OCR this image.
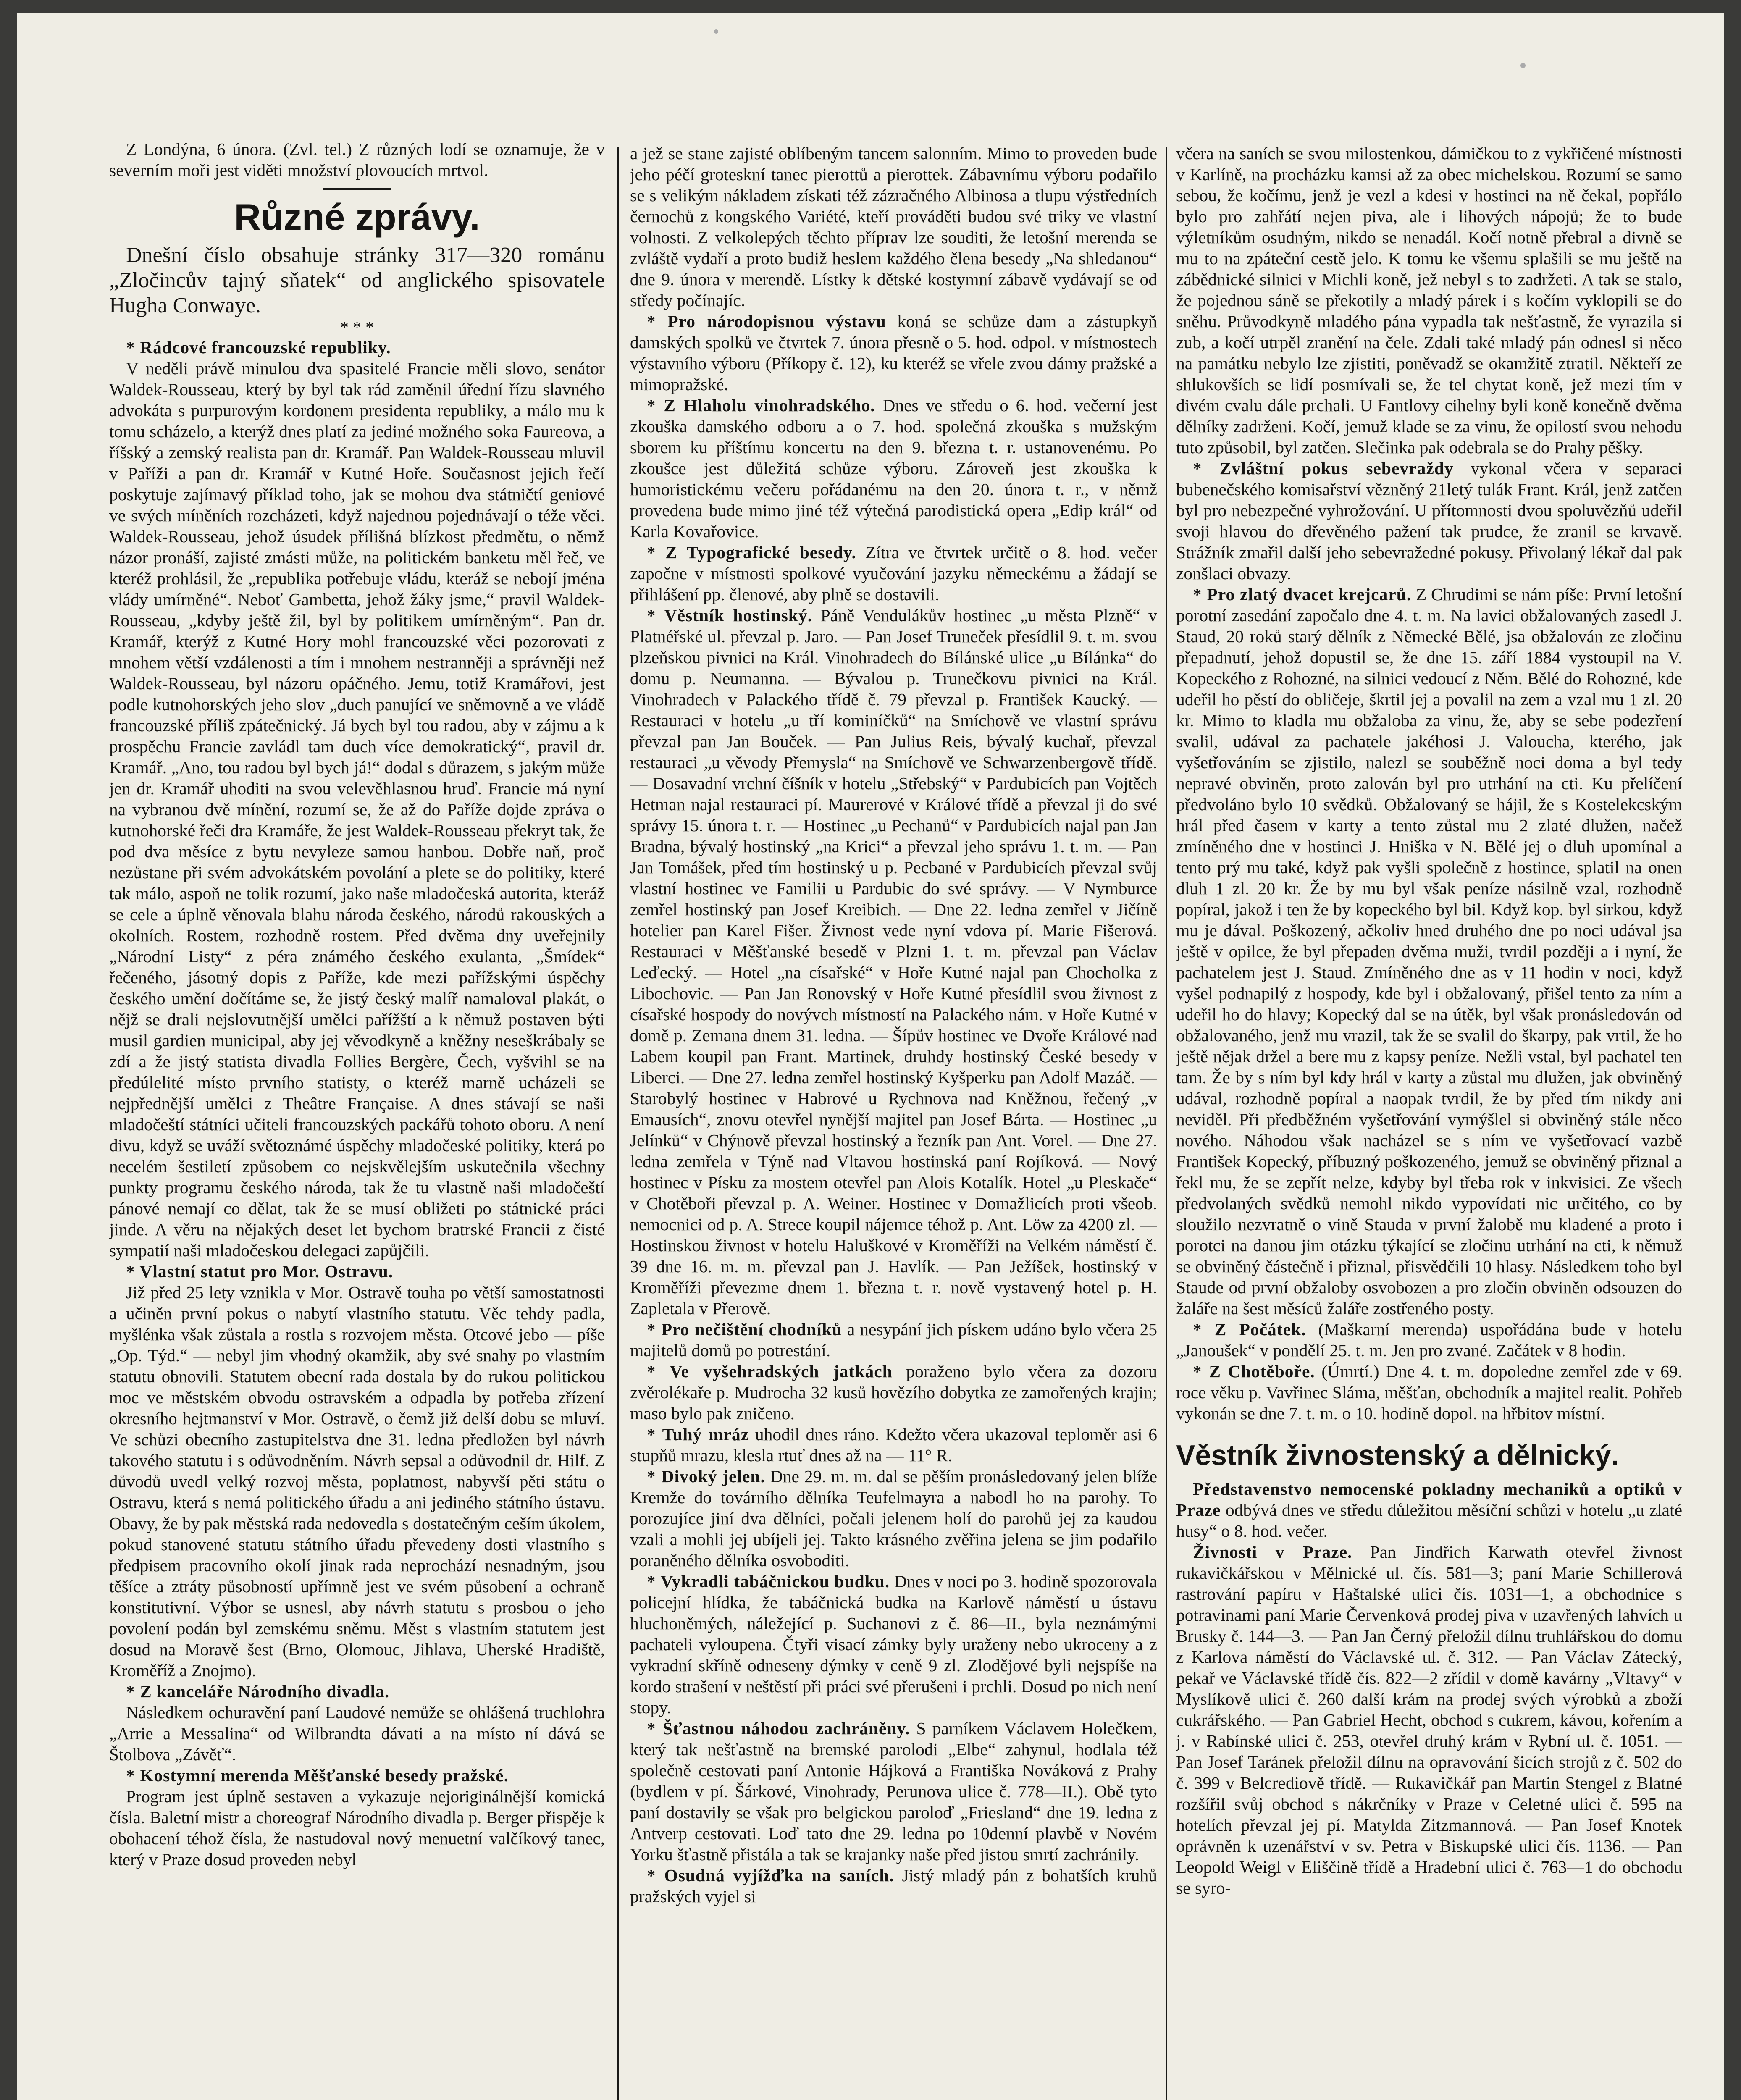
Z Londýna, 6 února. (Zvl. tel.) Z různých lodí se oznamuje, že v severním moři jest viděti množství plovoucích mrtvol.

Různé zprávy.

Dnešní číslo obsahuje stránky 317—320 románu „Zločincův tajný sňatek“ od anglického spisovatele Hugha Conwaye.

* * *

* Rádcové francouzské republiky.

V neděli právě minulou dva spasitelé Francie měli slovo, senátor Waldek-Rousseau, který by byl tak rád zaměnil úřední řízu slavného advokáta s purpurovým kordonem presidenta republiky, a málo mu k tomu scházelo, a kterýž dnes platí za jediné možného soka Faureova, a říšský a zemský realista pan dr. Kramář. Pan Waldek-Rousseau mluvil v Paříži a pan dr. Kramář v Kutné Hoře. Současnost jejich řečí poskytuje zajímavý příklad toho, jak se mohou dva státničtí geniové ve svých míněních rozcházeti, když najednou pojednávají o téže věci. Waldek-Rousseau, jehož úsudek přílišná blízkost předmětu, o němž názor pronáší, zajisté zmásti může, na politickém banketu měl řeč, ve kteréž prohlásil, že „republika potřebuje vládu, kteráž se nebojí jména vlády umírněné“. Neboť Gambetta, jehož žáky jsme,“ pravil Waldek-Rousseau, „kdyby ještě žil, byl by politikem umírněným“. Pan dr. Kramář, kterýž z Kutné Hory mohl francouzské věci pozorovati z mnohem větší vzdálenosti a tím i mnohem nestranněji a správněji než Waldek-Rousseau, byl názoru opáčného. Jemu, totiž Kramářovi, jest podle kutnohorských jeho slov „duch panující ve sněmovně a ve vládě francouzské příliš zpátečnický. Já bych byl tou radou, aby v zájmu a k prospěchu Francie zavládl tam duch více demokratický“, pravil dr. Kramář. „Ano, tou radou byl bych já!“ dodal s důrazem, s jakým může jen dr. Kramář uhoditi na svou velevěhlasnou hruď. Francie má nyní na vybranou dvě mínění, rozumí se, že až do Paříže dojde zpráva o kutnohorské řeči dra Kramáře, že jest Waldek-Rousseau překryt tak, že pod dva měsíce z bytu nevyleze samou hanbou. Dobře naň, proč nezůstane při svém advokátském povolání a plete se do politiky, které tak málo, aspoň ne tolik rozumí, jako naše mladočeská autorita, kteráž se cele a úplně věnovala blahu národa českého, národů rakouských a okolních. Rostem, rozhodně rostem. Před dvěma dny uveřejnily „Národní Listy“ z péra známého českého exulanta, „Šmídek“ řečeného, jásotný dopis z Paříže, kde mezi pařížskými úspěchy českého umění dočítáme se, že jistý český malíř namaloval plakát, o nějž se drali nejslovutnější umělci pařížští a k němuž postaven býti musil gardien municipal, aby jej věvodkyně a kněžny neseškrábaly se zdí a že jistý statista divadla Follies Bergère, Čech, vyšvihl se na předúlelité místo prvního statisty, o kteréž marně ucházeli se nejpřednější umělci z Theâtre Française. A dnes stávají se naši mladočeští státníci učiteli francouzských packářů tohoto oboru. A není divu, když se uváží světoznámé úspěchy mladočeské politiky, která po necelém šestiletí způsobem co nejskvělejším uskutečnila všechny punkty programu českého národa, tak že tu vlastně naši mladočeští pánové nemají co dělat, tak že se musí obližeti po státnické práci jinde. A věru na nějakých deset let bychom bratrské Francii z čisté sympatií naši mladočeskou delegaci zapůjčili.

* Vlastní statut pro Mor. Ostravu.

Již před 25 lety vznikla v Mor. Ostravě touha po větší samostatnosti a učiněn první pokus o nabytí vlastního statutu. Věc tehdy padla, myšlénka však zůstala a rostla s rozvojem města. Otcové jebo — píše „Op. Týd.“ — nebyl jim vhodný okamžik, aby své snahy po vlastním statutu obnovili. Statutem obecní rada dostala by do rukou politickou moc ve městském obvodu ostravském a odpadla by potřeba zřízení okresního hejtmanství v Mor. Ostravě, o čemž již delší dobu se mluví. Ve schůzi obecního zastupitelstva dne 31. ledna předložen byl návrh takového statutu i s odůvodněním. Návrh sepsal a odůvodnil dr. Hilf. Z důvodů uvedl velký rozvoj města, poplatnost, nabyvší pěti státu o Ostravu, která s nemá politického úřadu a ani jediného státního ústavu. Obavy, že by pak městská rada nedovedla s dostatečným ceším úkolem, pokud stanovené statutu státního úřadu převedeny dosti vlastního s předpisem pracovního okolí jinak rada neprochází nesnadným, jsou těšíce a ztráty působností upřímně jest ve svém působení a ochraně konstitutivní. Výbor se usnesl, aby návrh statutu s prosbou o jeho povolení podán byl zemskému sněmu. Měst s vlastním statutem jest dosud na Moravě šest (Brno, Olomouc, Jihlava, Uherské Hradiště, Kroměříž a Znojmo).

* Z kanceláře Národního divadla.

Následkem ochuravění paní Laudové nemůže se ohlášená truchlohra „Arrie a Messalina“ od Wilbrandta dávati a na místo ní dává se Štolbova „Závěť“.

* Kostymní merenda Měšťanské besedy pražské.

Program jest úplně sestaven a vykazuje nejoriginálnější komická čísla. Baletní mistr a choreograf Národního divadla p. Berger přispěje k obohacení téhož čísla, že nastudoval nový menuetní valčíkový tanec, který v Praze dosud proveden nebyl

a jež se stane zajisté oblíbeným tancem salonním. Mimo to proveden bude jeho péčí groteskní tanec pierottů a pierottek. Zábavnímu výboru podařilo se s velikým nákladem získati též zázračného Albinosa a tlupu výstředních černochů z kongského Variété, kteří prováděti budou své triky ve vlastní volnosti. Z velkolepých těchto příprav lze souditi, že letošní merenda se zvláště vydaří a proto budiž heslem každého člena besedy „Na shledanou“ dne 9. února v merendě. Lístky k dětské kostymní zábavě vydávají se od středy počínajíc.

* Pro národopisnou výstavu koná se schůze dam a zástupkyň damských spolků ve čtvrtek 7. února přesně o 5. hod. odpol. v místnostech výstavního výboru (Příkopy č. 12), ku kteréž se vřele zvou dámy pražské a mimopražské.

* Z Hlaholu vinohradského. Dnes ve středu o 6. hod. večerní jest zkouška damského odboru a o 7. hod. společná zkouška s mužským sborem ku příštímu koncertu na den 9. března t. r. ustanovenému. Po zkoušce jest důležitá schůze výboru. Zároveň jest zkouška k humoristickému večeru pořádanému na den 20. února t. r., v němž provedena bude mimo jiné též výtečná parodistická opera „Edip král“ od Karla Kovařovice.

* Z Typografické besedy. Zítra ve čtvrtek určitě o 8. hod. večer započne v místnosti spolkové vyučování jazyku německému a žádají se přihlášení pp. členové, aby plně se dostavili.

* Věstník hostinský. Páně Vendulákův hostinec „u města Plzně“ v Platnéřské ul. převzal p. Jaro. — Pan Josef Truneček přesídlil 9. t. m. svou plzeňskou pivnici na Král. Vinohradech do Bílánské ulice „u Bílánka“ do domu p. Neumanna. — Bývalou p. Trunečkovu pivnici na Král. Vinohradech v Palackého třídě č. 79 převzal p. František Kaucký. — Restauraci v hotelu „u tří kominíčků“ na Smíchově ve vlastní správu převzal pan Jan Bouček. — Pan Julius Reis, bývalý kuchař, převzal restauraci „u věvody Přemysla“ na Smíchově ve Schwarzenbergově třídě. — Dosavadní vrchní číšník v hotelu „Střebský“ v Pardubicích pan Vojtěch Hetman najal restauraci pí. Maurerové v Králové třídě a převzal ji do své správy 15. února t. r. — Hostinec „u Pechanů“ v Pardubicích najal pan Jan Bradna, bývalý hostinský „na Krici“ a převzal jeho správu 1. t. m. — Pan Jan Tomášek, před tím hostinský u p. Pecbané v Pardubicích převzal svůj vlastní hostinec ve Familii u Pardubic do své správy. — V Nymburce zemřel hostinský pan Josef Kreibich. — Dne 22. ledna zemřel v Jičíně hotelier pan Karel Fišer. Živnost vede nyní vdova pí. Marie Fišerová. Restauraci v Měšťanské besedě v Plzni 1. t. m. převzal pan Václav Leďecký. — Hotel „na císařské“ v Hoře Kutné najal pan Chocholka z Libochovic. — Pan Jan Ronovský v Hoře Kutné přesídlil svou živnost z císařské hospody do novývch místností na Palackého nám. v Hoře Kutné v domě p. Zemana dnem 31. ledna. — Šípův hostinec ve Dvoře Králové nad Labem koupil pan Frant. Martinek, druhdy hostinský České besedy v Liberci. — Dne 27. ledna zemřel hostinský Kyšperku pan Adolf Mazáč. — Starobylý hostinec v Habrové u Rychnova nad Kněžnou, řečený „v Emausích“, znovu otevřel nynější majitel pan Josef Bárta. — Hostinec „u Jelínků“ v Chýnově převzal hostinský a řezník pan Ant. Vorel. — Dne 27. ledna zemřela v Týně nad Vltavou hostinská paní Rojíková. — Nový hostinec v Písku za mostem otevřel pan Alois Kotalík. Hotel „u Pleskače“ v Chotěboři převzal p. A. Weiner. Hostinec v Domažlicích proti všeob. nemocnici od p. A. Strece koupil nájemce téhož p. Ant. Löw za 4200 zl. — Hostinskou živnost v hotelu Haluškové v Kroměříži na Velkém náměstí č. 39 dne 16. m. m. převzal pan J. Havlík. — Pan Ježíšek, hostinský v Kroměříži převezme dnem 1. března t. r. nově vystavený hotel p. H. Zapletala v Přerově.

* Pro nečištění chodníků a nesypání jich pískem udáno bylo včera 25 majitelů domů po potrestání.

* Ve vyšehradských jatkách poraženo bylo včera za dozoru zvěrolékaře p. Mudrocha 32 kusů hovězího dobytka ze zamořených krajin; maso bylo pak zničeno.

* Tuhý mráz uhodil dnes ráno. Kdežto včera ukazoval teploměr asi 6 stupňů mrazu, klesla rtuť dnes až na — 11° R.

* Divoký jelen. Dne 29. m. m. dal se pěším pronásledovaný jelen blíže Kremže do továrního dělníka Teufelmayra a nabodl ho na parohy. To porozujíce jiní dva dělníci, počali jelenem holí do parohů jej za kaudou vzali a mohli jej ubíjeli jej. Takto krásného zvěřina jelena se jim podařilo poraněného dělníka osvoboditi.

* Vykradli tabáčnickou budku. Dnes v noci po 3. hodině spozorovala policejní hlídka, že tabáčnická budka na Karlově náměstí u ústavu hluchoněmých, náležející p. Suchanovi z č. 86—II., byla neznámými pachateli vyloupena. Čtyři visací zámky byly uraženy nebo ukroceny a z vykradní skříně odneseny dýmky v ceně 9 zl. Zlodějové byli nejspíše na kordo strašení v neštěstí při práci své přerušeni i prchli. Dosud po nich není stopy.

* Šťastnou náhodou zachráněny. S parníkem Václavem Holečkem, který tak nešťastně na bremské parolodi „Elbe“ zahynul, hodlala též společně cestovati paní Antonie Hájková a Františka Nováková z Prahy (bydlem v pí. Šárkové, Vinohrady, Perunova ulice č. 778—II.). Obě tyto paní dostavily se však pro belgickou paroloď „Friesland“ dne 19. ledna z Antverp cestovati. Loď tato dne 29. ledna po 10denní plavbě v Novém Yorku šťastně přistála a tak se krajanky naše před jistou smrtí zachránily.

* Osudná vyjížďka na saních. Jistý mladý pán z bohatších kruhů pražských vyjel si

včera na saních se svou milostenkou, dámičkou to z vykřičené místnosti v Karlíně, na procházku kamsi až za obec michelskou. Rozumí se samo sebou, že kočímu, jenž je vezl a kdesi v hostinci na ně čekal, popřálo bylo pro zahřátí nejen piva, ale i lihových nápojů; že to bude výletníkům osudným, nikdo se nenadál. Kočí notně přebral a divně se mu to na zpáteční cestě jelo. K tomu ke všemu splašili se mu ještě na zábědnické silnici v Michli koně, jež nebyl s to zadržeti. A tak se stalo, že pojednou sáně se překotily a mladý párek i s kočím vyklopili se do sněhu. Průvodkyně mladého pána vypadla tak nešťastně, že vyrazila si zub, a kočí utrpěl zranění na čele. Zdali také mladý pán odnesl si něco na památku nebylo lze zjistiti, poněvadž se okamžitě ztratil. Někteří ze shlukovších se lidí posmívali se, že tel chytat koně, jež mezi tím v divém cvalu dále prchali. U Fantlovy cihelny byli koně konečně dvěma dělníky zadrženi. Kočí, jemuž klade se za vinu, že opilostí svou nehodu tuto způsobil, byl zatčen. Slečinka pak odebrala se do Prahy pěšky.

* Zvláštní pokus sebevraždy vykonal včera v separaci bubenečského komisařství vězněný 21letý tulák Frant. Král, jenž zatčen byl pro nebezpečné vyhrožování. U přítomnosti dvou spoluvězňů udeřil svoji hlavou do dřevěného pažení tak prudce, že zranil se krvavě. Strážník zmařil další jeho sebevražedné pokusy. Přivolaný lékař dal pak zonšlaci obvazy.

* Pro zlatý dvacet krejcarů. Z Chrudimi se nám píše: První letošní porotní zasedání započalo dne 4. t. m. Na lavici obžalovaných zasedl J. Staud, 20 roků starý dělník z Německé Bělé, jsa obžalován ze zločinu přepadnutí, jehož dopustil se, že dne 15. září 1884 vystoupil na V. Kopeckého z Rohozné, na silnici vedoucí z Něm. Bělé do Rohozné, kde udeřil ho pěstí do obličeje, škrtil jej a povalil na zem a vzal mu 1 zl. 20 kr. Mimo to kladla mu obžaloba za vinu, že, aby se sebe podezření svalil, udával za pachatele jakéhosi J. Valoucha, kterého, jak vyšetřováním se zjistilo, nalezl se souběžně noci doma a byl tedy nepravé obviněn, proto zalován byl pro utrhání na cti. Ku přelíčení předvoláno bylo 10 svědků. Obžalovaný se hájil, že s Kostelekcským hrál před časem v karty a tento zůstal mu 2 zlaté dlužen, načež zmíněného dne v hostinci J. Hniška v N. Bělé jej o dluh upomínal a tento prý mu také, když pak vyšli společně z hostince, splatil na onen dluh 1 zl. 20 kr. Že by mu byl však peníze násilně vzal, rozhodně popíral, jakož i ten že by kopeckého byl bil. Když kop. byl sirkou, když mu je dával. Poškozený, ačkoliv hned druhého dne po noci udával jsa ještě v opilce, že byl přepaden dvěma muži, tvrdil později a i nyní, že pachatelem jest J. Staud. Zmíněného dne as v 11 hodin v noci, když vyšel podnapilý z hospody, kde byl i obžalovaný, přišel tento za ním a udeřil ho do hlavy; Kopecký dal se na útěk, byl však pronásledován od obžalovaného, jenž mu vrazil, tak že se svalil do škarpy, pak vrtil, že ho ještě nějak držel a bere mu z kapsy peníze. Nežli vstal, byl pachatel ten tam. Že by s ním byl kdy hrál v karty a zůstal mu dlužen, jak obviněný udával, rozhodně popíral a naopak tvrdil, že by před tím nikdy ani neviděl. Při předběžném vyšetřování vymýšlel si obviněný stále něco nového. Náhodou však nacházel se s ním ve vyšetřovací vazbě František Kopecký, příbuzný poškozeného, jemuž se obviněný přiznal a řekl mu, že se zepřít nelze, kdyby byl třeba rok v inkvisici. Ze všech předvolaných svědků nemohl nikdo vypovídati nic určitého, co by sloužilo nezvratně o vině Stauda v první žalobě mu kladené a proto i porotci na danou jim otázku týkající se zločinu utrhání na cti, k němuž se obviněný částečně i přiznal, přisvědčili 10 hlasy. Následkem toho byl Staude od první obžaloby osvobozen a pro zločin obviněn odsouzen do žaláře na šest měsíců žaláře zostřeného posty.

* Z Počátek. (Maškarní merenda) uspořádána bude v hotelu „Janoušek“ v pondělí 25. t. m. Jen pro zvané. Začátek v 8 hodin.

* Z Chotěboře. (Úmrtí.) Dne 4. t. m. dopoledne zemřel zde v 69. roce věku p. Vavřinec Sláma, měšťan, obchodník a majitel realit. Pohřeb vykonán se dne 7. t. m. o 10. hodině dopol. na hřbitov místní.

Věstník živnostenský a dělnický.

Představenstvo nemocenské pokladny mechaniků a optiků v Praze odbývá dnes ve středu důležitou měsíční schůzi v hotelu „u zlaté husy“ o 8. hod. večer.

Živnosti v Praze. Pan Jindřich Karwath otevřel živnost rukavičkářskou v Mělnické ul. čís. 581—3; paní Marie Schillerová rastrování papíru v Haštalské ulici čís. 1031—1, a obchodnice s potravinami paní Marie Červenková prodej piva v uzavřených lahvích u Brusky č. 144—3. — Pan Jan Černý přeložil dílnu truhlářskou do domu z Karlova náměstí do Václavské ul. č. 312. — Pan Václav Zátecký, pekař ve Václavské třídě čís. 822—2 zřídil v domě kavárny „Vltavy“ v Myslíkově ulici č. 260 další krám na prodej svých výrobků a zboží cukrářského. — Pan Gabriel Hecht, obchod s cukrem, kávou, kořením a j. v Rabínské ulici č. 253, otevřel druhý krám v Rybní ul. č. 1051. — Pan Josef Taránek přeložil dílnu na opravování šicích strojů z č. 502 do č. 399 v Belcrediově třídě. — Rukavičkář pan Martin Stengel z Blatné rozšířil svůj obchod s nákrčníky v Praze v Celetné ulici č. 595 na hotelích převzal jej pí. Matylda Zitzmannová. — Pan Josef Knotek oprávněn k uzenářství v sv. Petra v Biskupské ulici čís. 1136. — Pan Leopold Weigl v Eliščině třídě a Hradební ulici č. 763—1 do obchodu se syro-
